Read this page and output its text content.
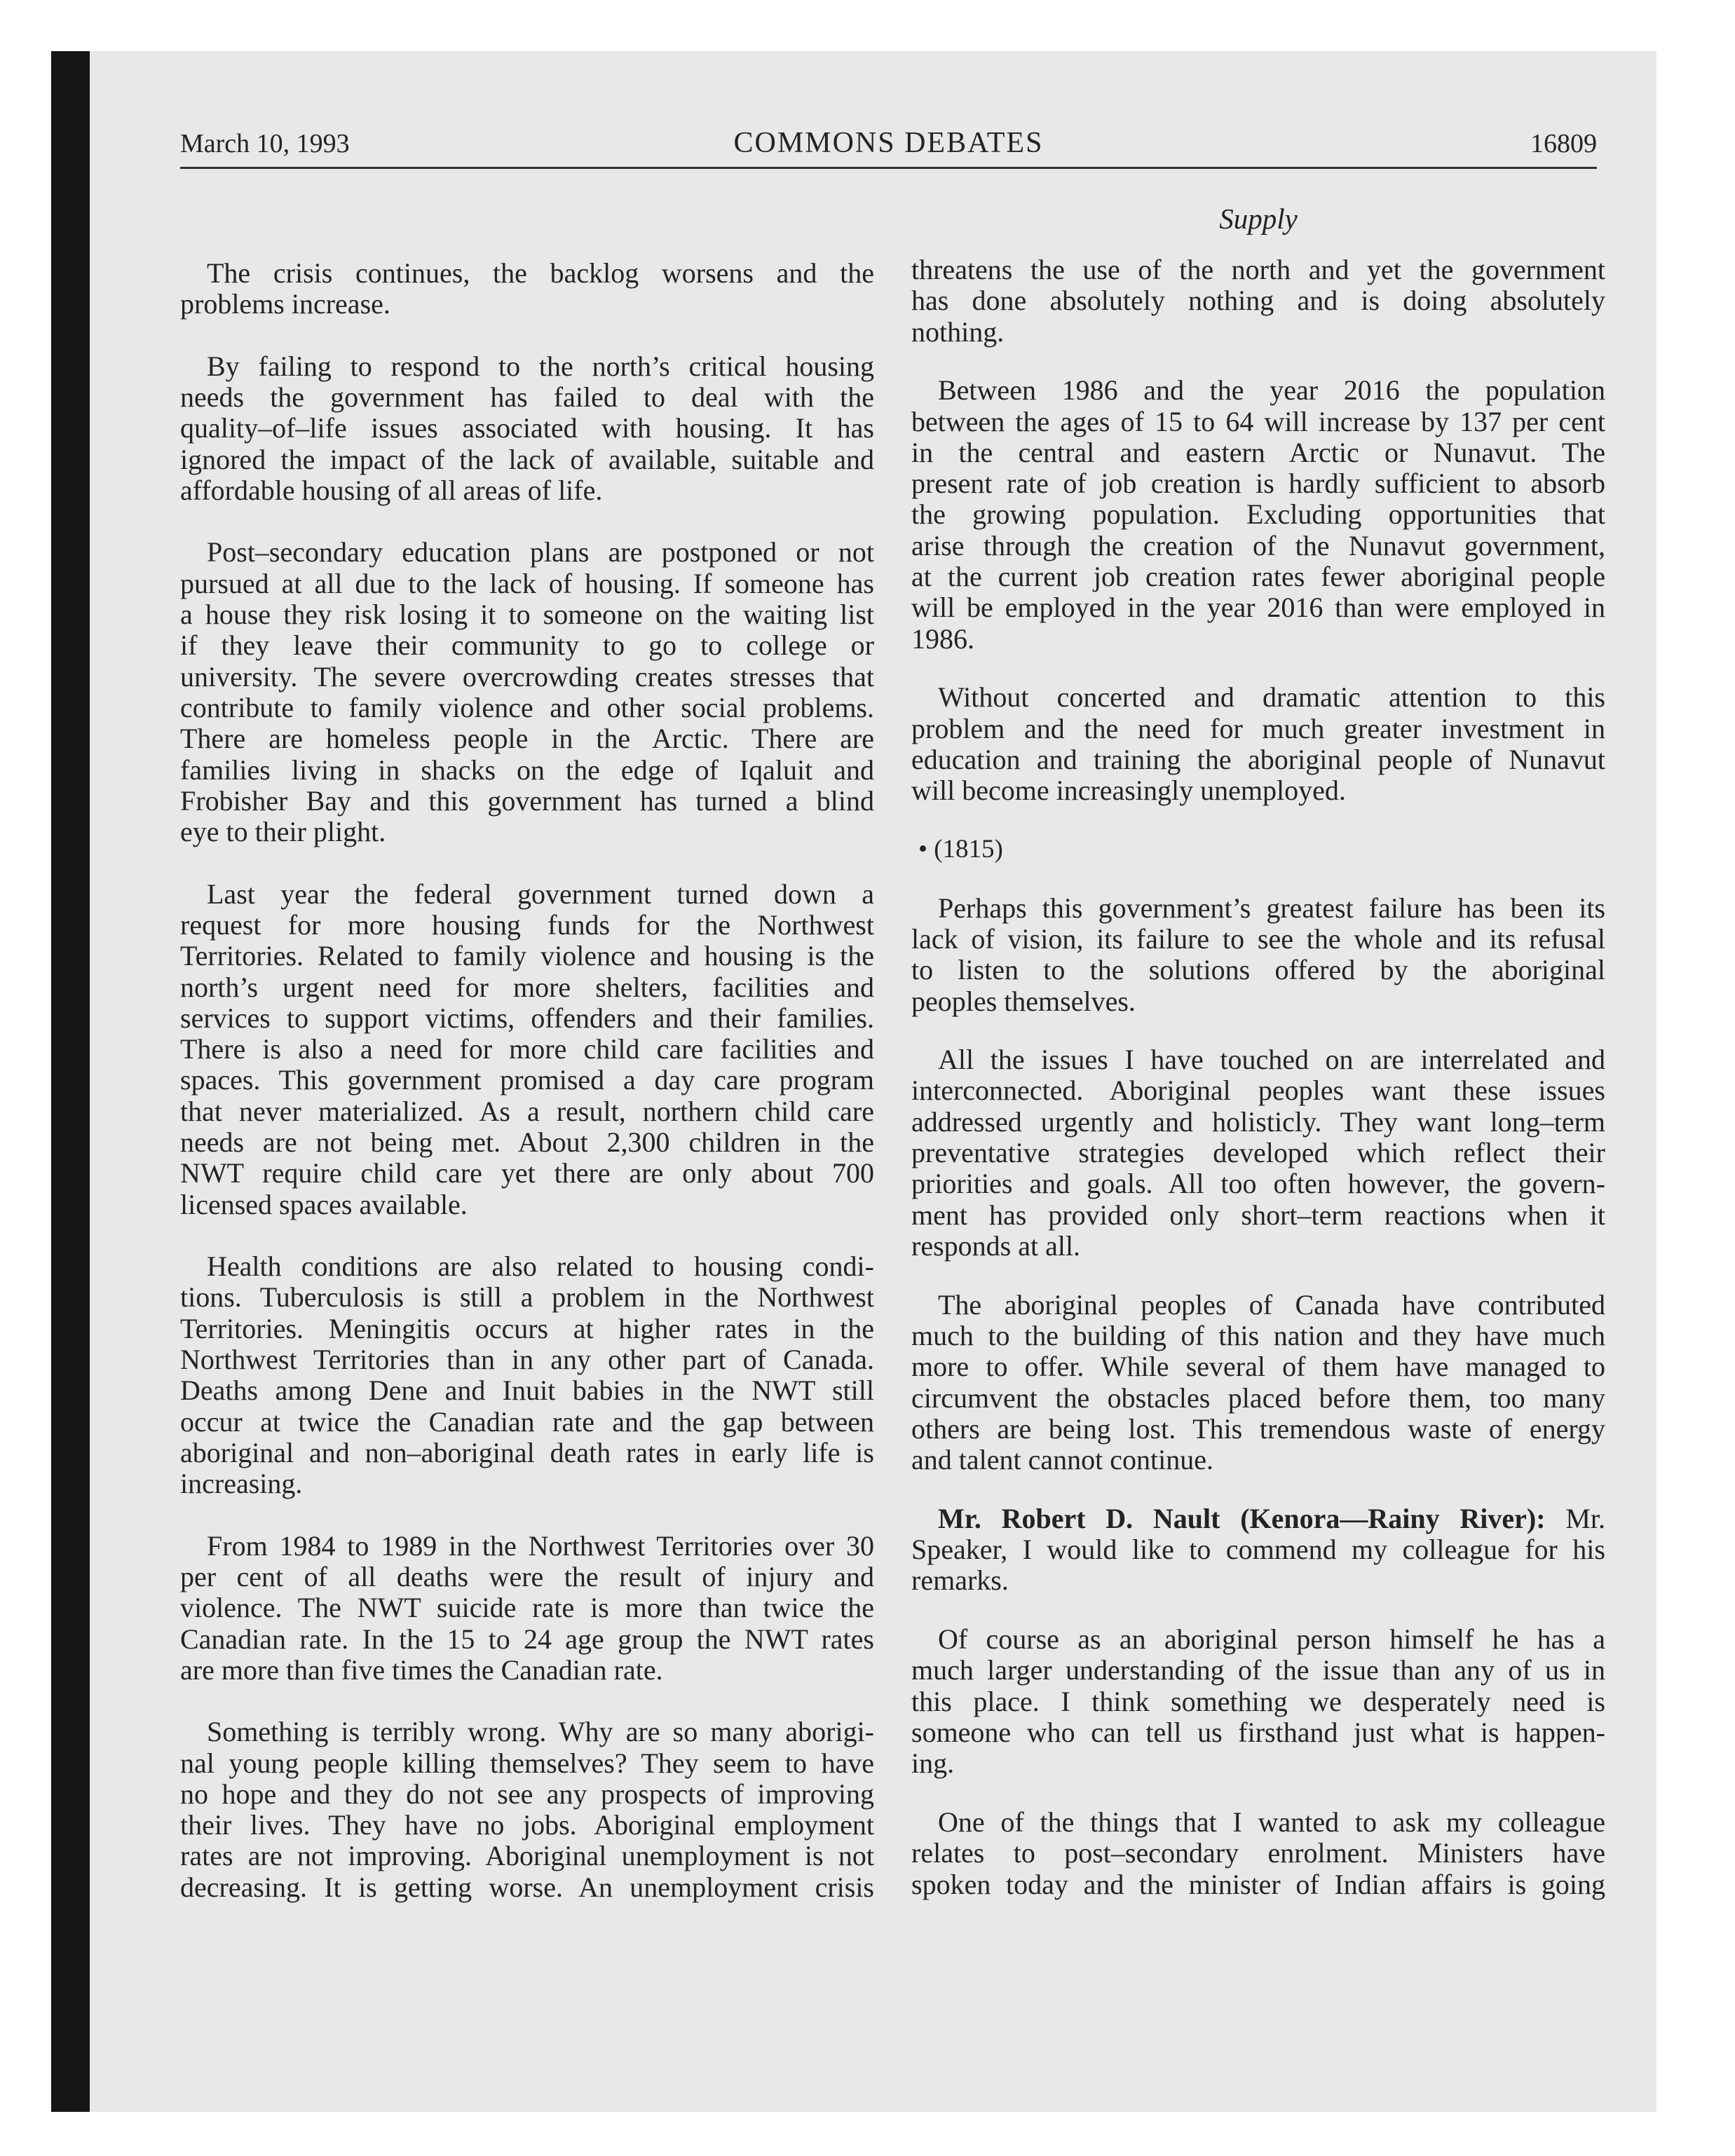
March 10, 1993	COMMONS DEBATES	16809
Supply
The crisis continues, the backlog worsens and the
problems increase.
By failing to respond to the north’s critical housing
needs the government has failed to deal with the
quality–of–life issues associated with housing. It has
ignored the impact of the lack of available, suitable and
affordable housing of all areas of life.
Post–secondary education plans are postponed or not
pursued at all due to the lack of housing. If someone has
a house they risk losing it to someone on the waiting list
if they leave their community to go to college or
university. The severe overcrowding creates stresses that
contribute to family violence and other social problems.
There are homeless people in the Arctic. There are
families living in shacks on the edge of Iqaluit and
Frobisher Bay and this government has turned a blind
eye to their plight.
Last year the federal government turned down a
request for more housing funds for the Northwest
Territories. Related to family violence and housing is the
north’s urgent need for more shelters, facilities and
services to support victims, offenders and their families.
There is also a need for more child care facilities and
spaces. This government promised a day care program
that never materialized. As a result, northern child care
needs are not being met. About 2,300 children in the
NWT require child care yet there are only about 700
licensed spaces available.
Health conditions are also related to housing condi-
tions. Tuberculosis is still a problem in the Northwest
Territories. Meningitis occurs at higher rates in the
Northwest Territories than in any other part of Canada.
Deaths among Dene and Inuit babies in the NWT still
occur at twice the Canadian rate and the gap between
aboriginal and non–aboriginal death rates in early life is
increasing.
From 1984 to 1989 in the Northwest Territories over 30
per cent of all deaths were the result of injury and
violence. The NWT suicide rate is more than twice the
Canadian rate. In the 15 to 24 age group the NWT rates
are more than five times the Canadian rate.
Something is terribly wrong. Why are so many aborigi-
nal young people killing themselves? They seem to have
no hope and they do not see any prospects of improving
their lives. They have no jobs. Aboriginal employment
rates are not improving. Aboriginal unemployment is not
decreasing. It is getting worse. An unemployment crisis
threatens the use of the north and yet the government
has done absolutely nothing and is doing absolutely
nothing.
Between 1986 and the year 2016 the population
between the ages of 15 to 64 will increase by 137 per cent
in the central and eastern Arctic or Nunavut. The
present rate of job creation is hardly sufficient to absorb
the growing population. Excluding opportunities that
arise through the creation of the Nunavut government,
at the current job creation rates fewer aboriginal people
will be employed in the year 2016 than were employed in
1986.
Without concerted and dramatic attention to this
problem and the need for much greater investment in
education and training the aboriginal people of Nunavut
will become increasingly unemployed.
• (1815)
Perhaps this government’s greatest failure has been its
lack of vision, its failure to see the whole and its refusal
to listen to the solutions offered by the aboriginal
peoples themselves.
All the issues I have touched on are interrelated and
interconnected. Aboriginal peoples want these issues
addressed urgently and holisticly. They want long–term
preventative strategies developed which reflect their
priorities and goals. All too often however, the govern-
ment has provided only short–term reactions when it
responds at all.
The aboriginal peoples of Canada have contributed
much to the building of this nation and they have much
more to offer. While several of them have managed to
circumvent the obstacles placed before them, too many
others are being lost. This tremendous waste of energy
and talent cannot continue.
Mr. Robert D. Nault (Kenora—Rainy River): Mr.
Speaker, I would like to commend my colleague for his
remarks.
Of course as an aboriginal person himself he has a
much larger understanding of the issue than any of us in
this place. I think something we desperately need is
someone who can tell us firsthand just what is happen-
ing.
One of the things that I wanted to ask my colleague
relates to post–secondary enrolment. Ministers have
spoken today and the minister of Indian affairs is going
